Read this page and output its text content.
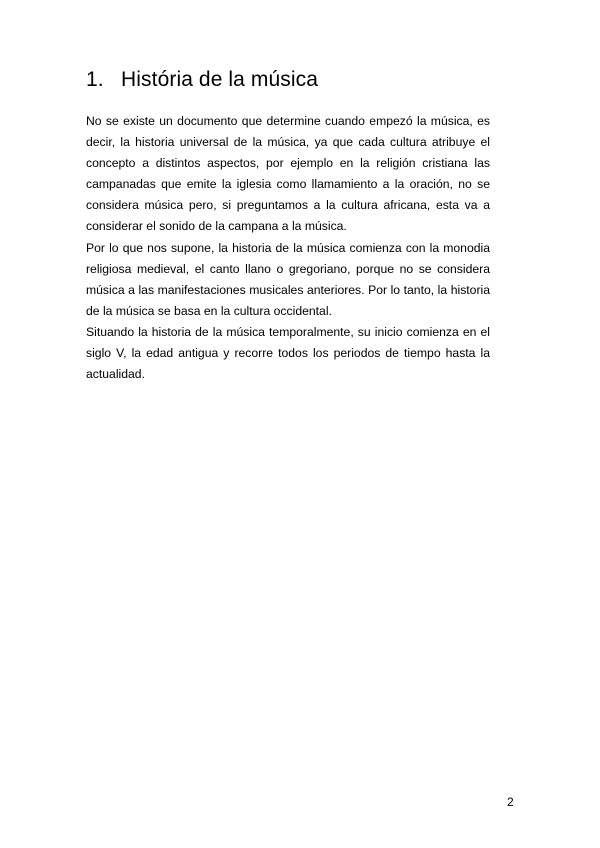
1. História de la música

No se existe un documento que determine cuando empezó la música, es decir, la historia universal de la música, ya que cada cultura atribuye el concepto a distintos aspectos, por ejemplo en la religión cristiana las campanadas que emite la iglesia como llamamiento a la oración, no se considera música pero, si preguntamos a la cultura africana, esta va a considerar el sonido de la campana a la música.

Por lo que nos supone, la historia de la música comienza con la monodia religiosa medieval, el canto llano o gregoriano, porque no se considera música a las manifestaciones musicales anteriores. Por lo tanto, la historia de la música se basa en la cultura occidental.

Situando la historia de la música temporalmente, su inicio comienza en el siglo V, la edad antigua y recorre todos los periodos de tiempo hasta la actualidad.

2
